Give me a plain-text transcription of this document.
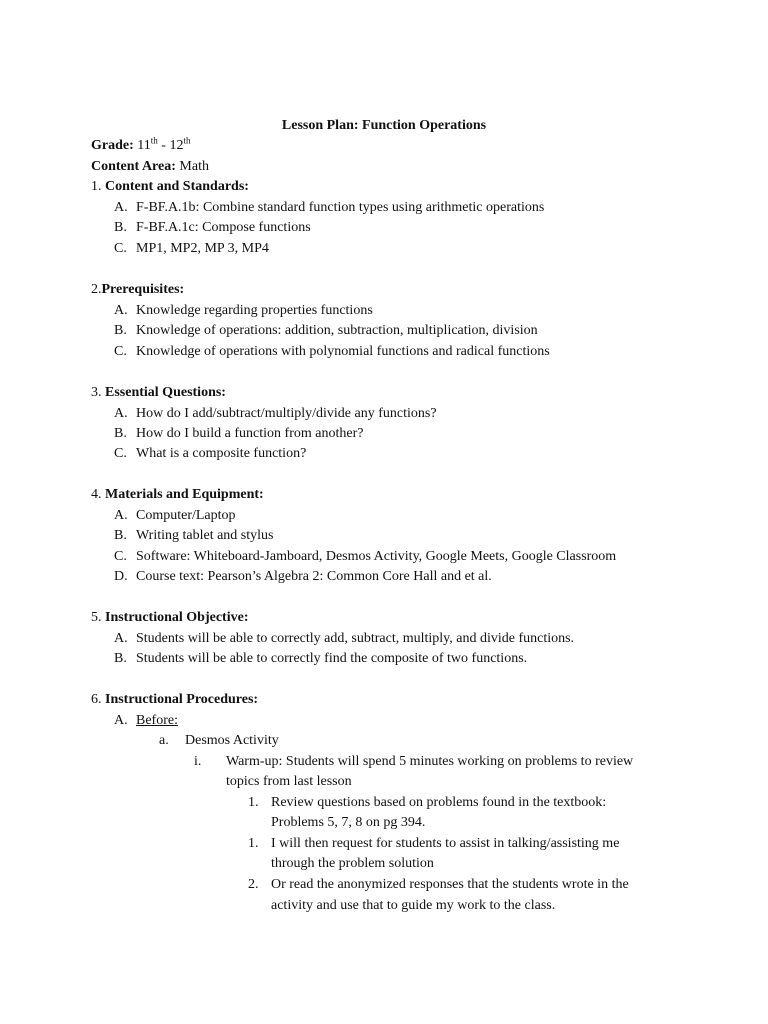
Lesson Plan: Function Operations
Grade: 11th - 12th
Content Area: Math
1. Content and Standards:
A. F-BF.A.1b: Combine standard function types using arithmetic operations
B. F-BF.A.1c: Compose functions
C. MP1, MP2, MP 3, MP4
2.Prerequisites:
A. Knowledge regarding properties functions
B. Knowledge of operations: addition, subtraction, multiplication, division
C. Knowledge of operations with polynomial functions and radical functions
3. Essential Questions:
A. How do I add/subtract/multiply/divide any functions?
B. How do I build a function from another?
C. What is a composite function?
4. Materials and Equipment:
A. Computer/Laptop
B. Writing tablet and stylus
C. Software: Whiteboard-Jamboard, Desmos Activity, Google Meets, Google Classroom
D. Course text: Pearson’s Algebra 2: Common Core Hall and et al.
5. Instructional Objective:
A. Students will be able to correctly add, subtract, multiply, and divide functions.
B. Students will be able to correctly find the composite of two functions.
6. Instructional Procedures:
A. Before:
a. Desmos Activity
i. Warm-up: Students will spend 5 minutes working on problems to review
topics from last lesson
1. Review questions based on problems found in the textbook:
Problems 5, 7, 8 on pg 394.
1. I will then request for students to assist in talking/assisting me
through the problem solution
2. Or read the anonymized responses that the students wrote in the
activity and use that to guide my work to the class.
